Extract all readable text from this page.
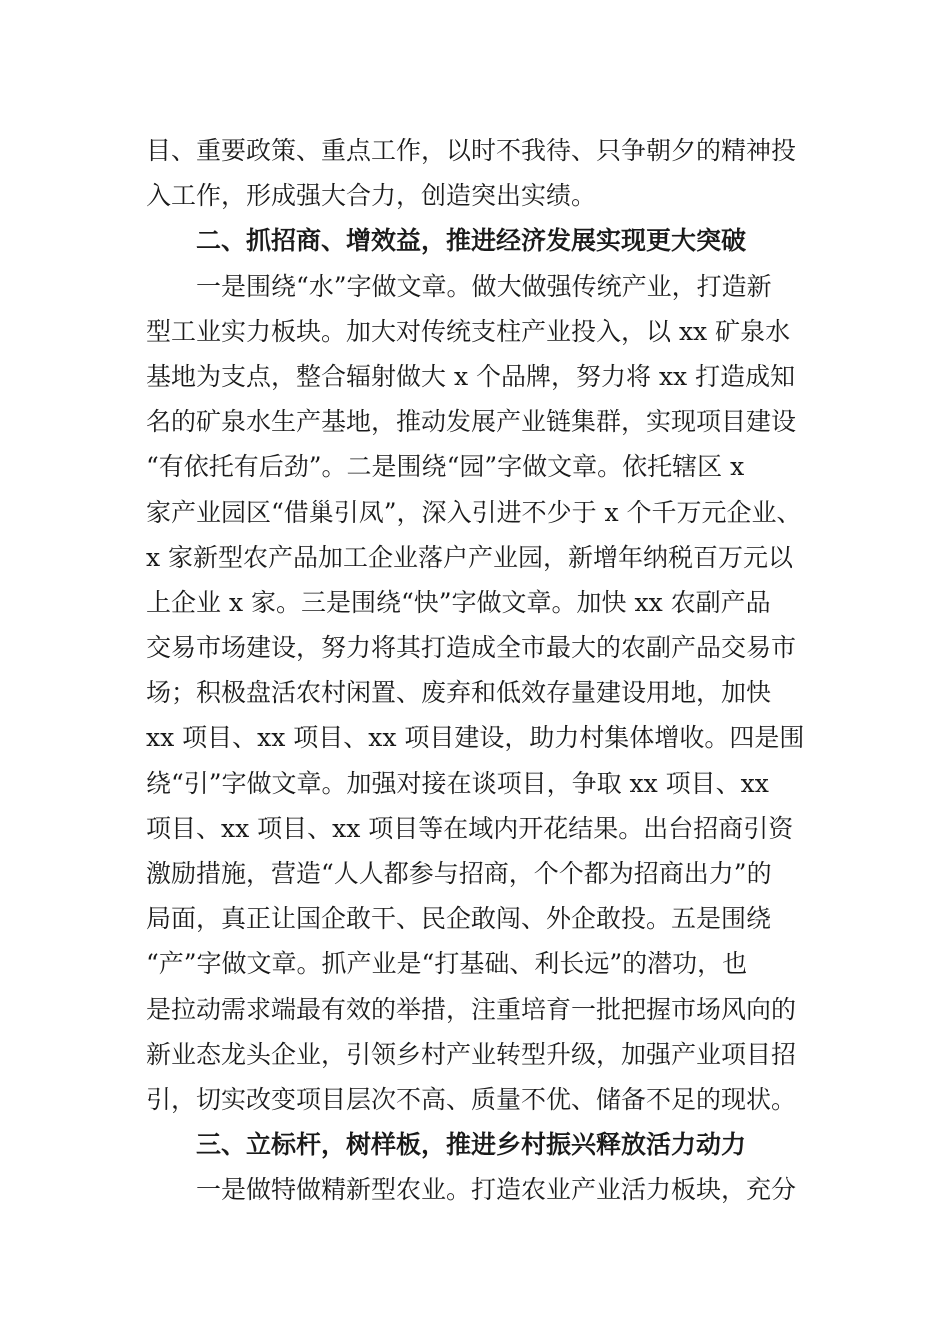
目、重要政策、重点工作，以时不我待、只争朝夕的精神投
入工作，形成强大合力，创造突出实绩。
二、抓招商、增效益，推进经济发展实现更大突破
一是围绕“水”字做文章。做大做强传统产业，打造新
型工业实力板块。加大对传统支柱产业投入，以 xx 矿泉水
基地为支点，整合辐射做大 x 个品牌，努力将 xx 打造成知
名的矿泉水生产基地，推动发展产业链集群，实现项目建设
“有依托有后劲”。二是围绕“园”字做文章。依托辖区 x
家产业园区“借巢引凤”，深入引进不少于 x 个千万元企业、
x 家新型农产品加工企业落户产业园，新增年纳税百万元以
上企业 x 家。三是围绕“快”字做文章。加快 xx 农副产品
交易市场建设，努力将其打造成全市最大的农副产品交易市
场；积极盘活农村闲置、废弃和低效存量建设用地，加快
xx 项目、xx 项目、xx 项目建设，助力村集体增收。四是围
绕“引”字做文章。加强对接在谈项目，争取 xx 项目、xx
项目、xx 项目、xx 项目等在域内开花结果。出台招商引资
激励措施，营造“人人都参与招商，个个都为招商出力”的
局面，真正让国企敢干、民企敢闯、外企敢投。五是围绕
“产”字做文章。抓产业是“打基础、利长远”的潜功，也
是拉动需求端最有效的举措，注重培育一批把握市场风向的
新业态龙头企业，引领乡村产业转型升级，加强产业项目招
引，切实改变项目层次不高、质量不优、储备不足的现状。
三、立标杆，树样板，推进乡村振兴释放活力动力
一是做特做精新型农业。打造农业产业活力板块，充分
